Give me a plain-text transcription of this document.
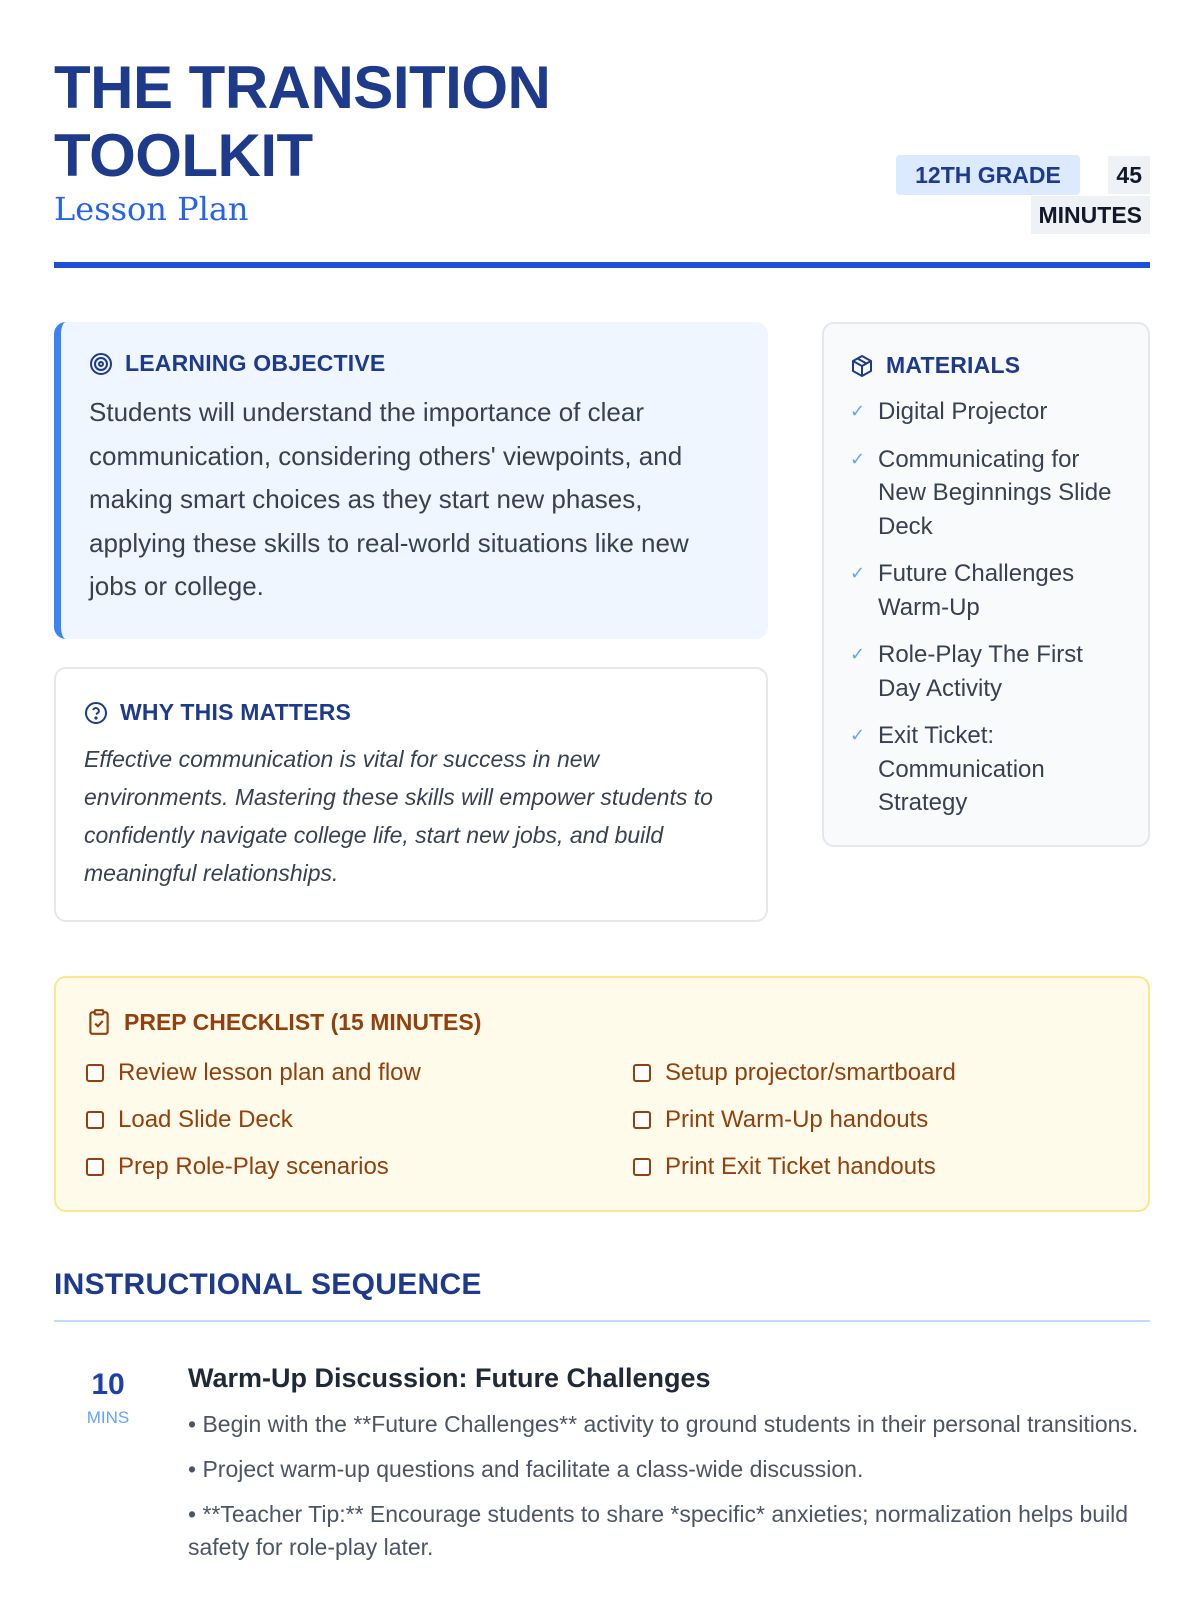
THE TRANSITION
TOOLKIT
Lesson Plan
12TH GRADE	45
MINUTES
LEARNING OBJECTIVE
Students will understand the importance of clear communication, considering others' viewpoints, and making smart choices as they start new phases, applying these skills to real-world situations like new jobs or college.
WHY THIS MATTERS
Effective communication is vital for success in new environments. Mastering these skills will empower students to confidently navigate college life, start new jobs, and build meaningful relationships.
MATERIALS
✓ Digital Projector
✓ Communicating for New Beginnings Slide Deck
✓ Future Challenges Warm-Up
✓ Role-Play The First Day Activity
✓ Exit Ticket: Communication Strategy
PREP CHECKLIST (15 MINUTES)
Review lesson plan and flow	Setup projector/smartboard
Load Slide Deck	Print Warm-Up handouts
Prep Role-Play scenarios	Print Exit Ticket handouts
INSTRUCTIONAL SEQUENCE
10
MINS
Warm-Up Discussion: Future Challenges
• Begin with the **Future Challenges** activity to ground students in their personal transitions.
• Project warm-up questions and facilitate a class-wide discussion.
• **Teacher Tip:** Encourage students to share *specific* anxieties; normalization helps build safety for role-play later.
